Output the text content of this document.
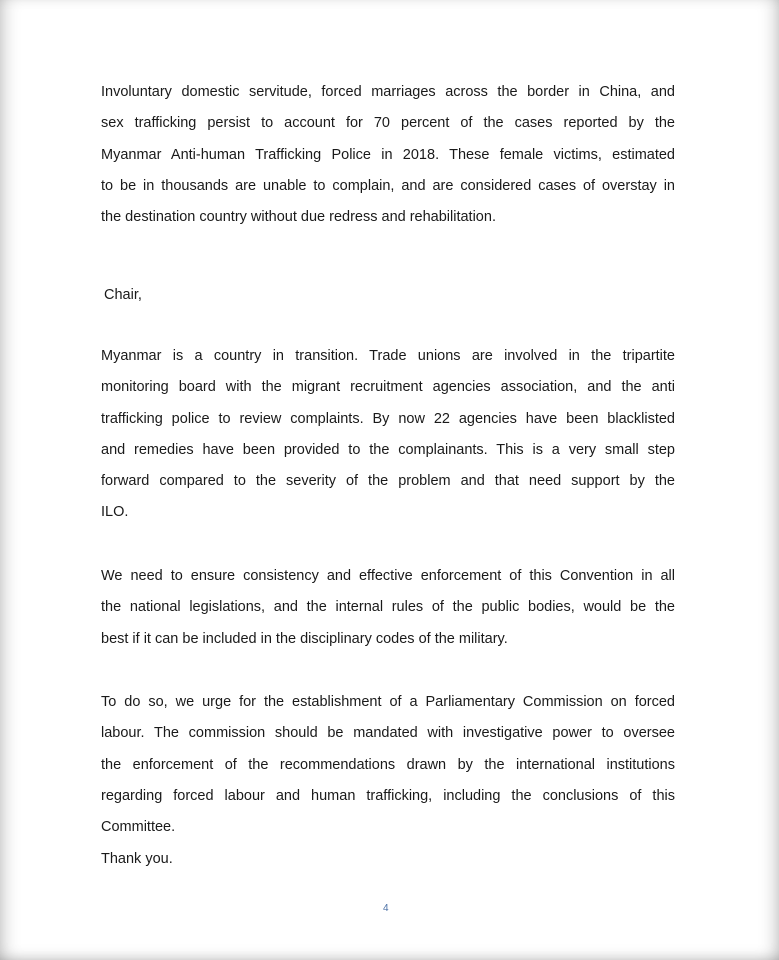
Involuntary domestic servitude, forced marriages across the border in China, and
sex trafficking persist to account for 70 percent of the cases reported by the
Myanmar Anti-human Trafficking Police in 2018. These female victims, estimated
to be in thousands are unable to complain, and are considered cases of overstay in
the destination country without due redress and rehabilitation.

Chair,

Myanmar is a country in transition. Trade unions are involved in the tripartite
monitoring board with the migrant recruitment agencies association, and the anti
trafficking police to review complaints. By now 22 agencies have been blacklisted
and remedies have been provided to the complainants. This is a very small step
forward compared to the severity of the problem and that need support by the
ILO.

We need to ensure consistency and effective enforcement of this Convention in all
the national legislations, and the internal rules of the public bodies, would be the
best if it can be included in the disciplinary codes of the military.

To do so, we urge for the establishment of a Parliamentary Commission on forced
labour. The commission should be mandated with investigative power to oversee
the enforcement of the recommendations drawn by the international institutions
regarding forced labour and human trafficking, including the conclusions of this
Committee.

Thank you.

4
